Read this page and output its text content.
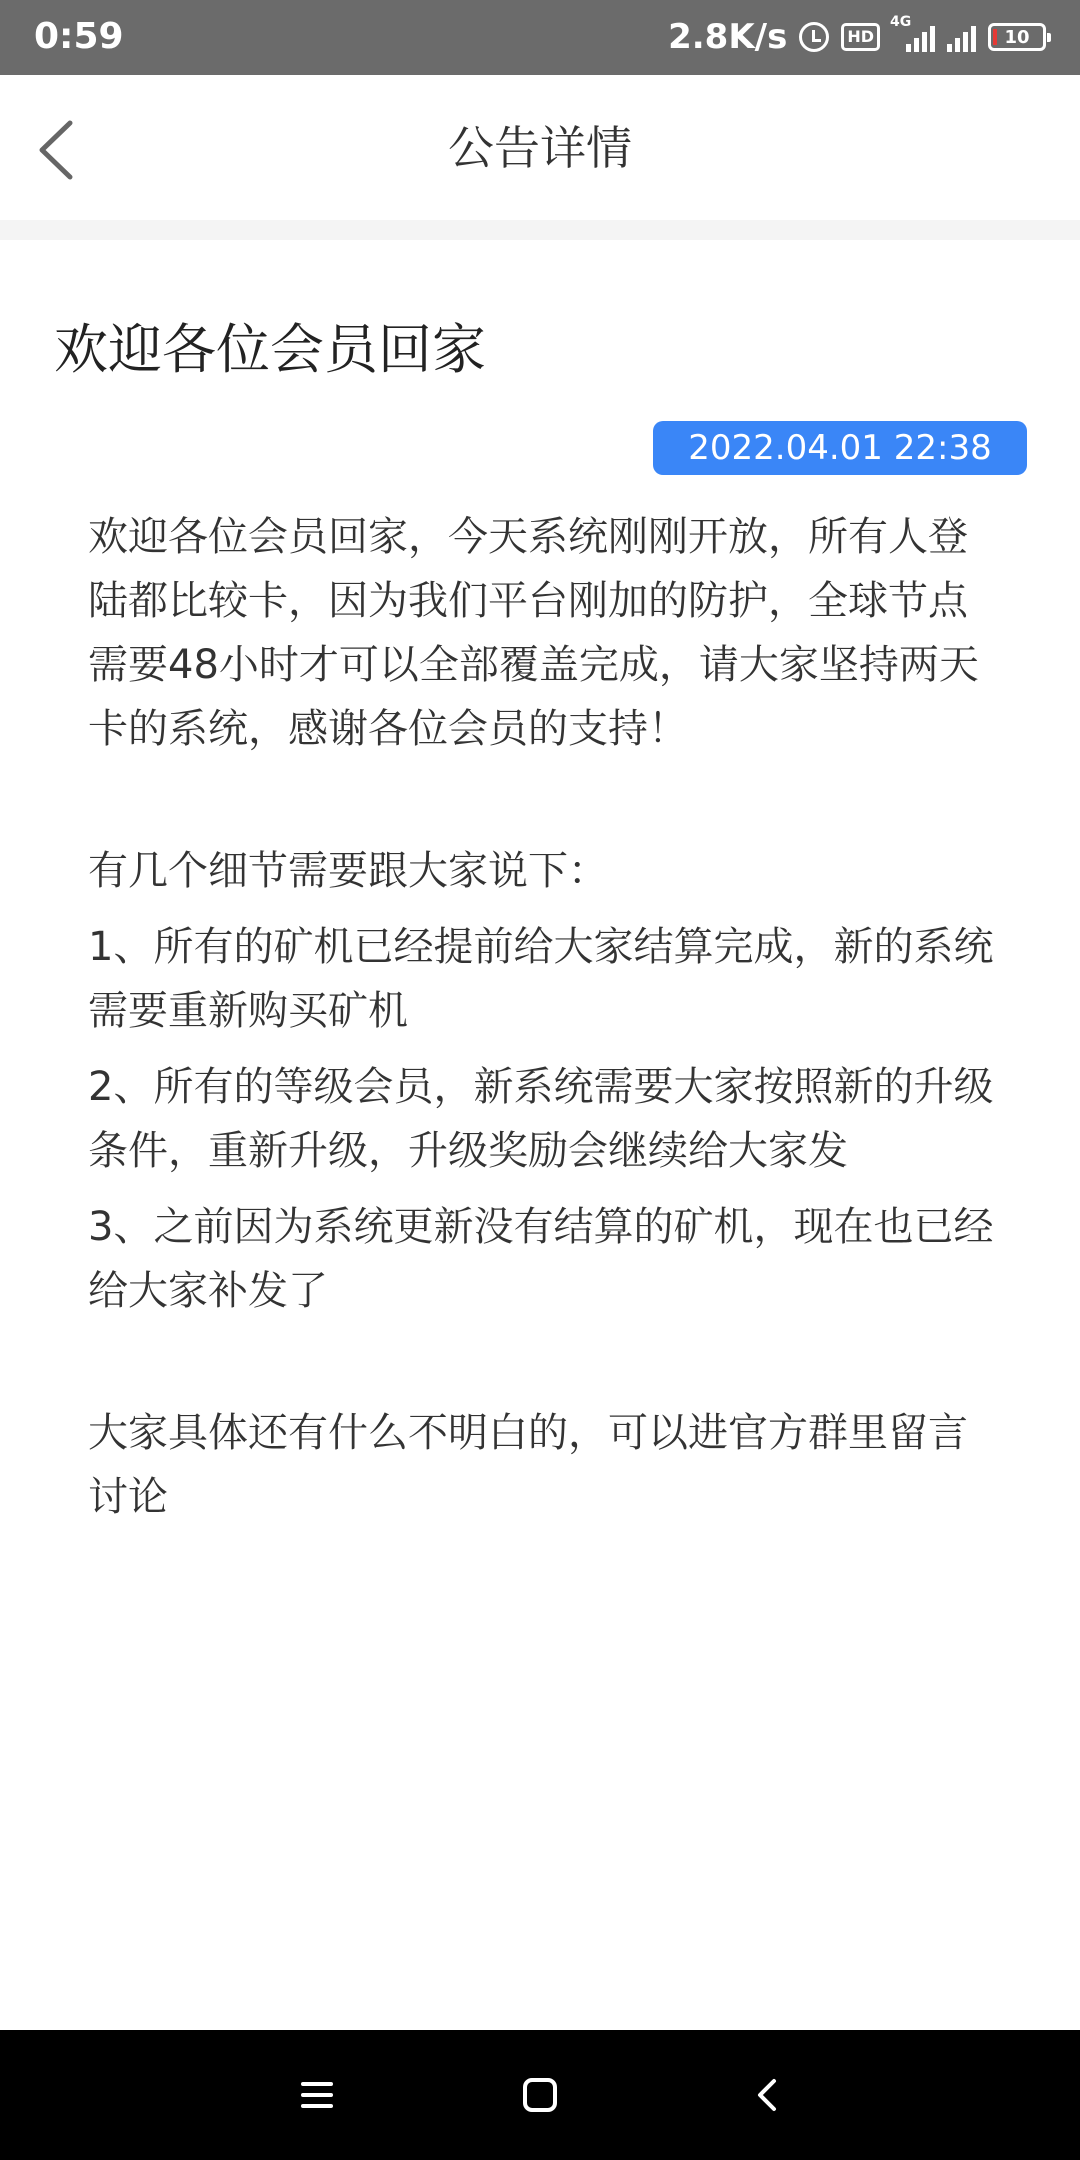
0:59	2.8K/s	HD
4G
10
公告详情
欢迎各位会员回家
2022.04.01 22:38

欢迎各位会员回家，今天系统刚刚开放，所有人登陆都比较卡，因为我们平台刚加的防护，全球节点需要48小时才可以全部覆盖完成，请大家坚持两天卡的系统，感谢各位会员的支持！

有几个细节需要跟大家说下：

1、所有的矿机已经提前给大家结算完成，新的系统需要重新购买矿机

2、所有的等级会员，新系统需要大家按照新的升级条件，重新升级，升级奖励会继续给大家发

3、之前因为系统更新没有结算的矿机，现在也已经给大家补发了

大家具体还有什么不明白的，可以进官方群里留言讨论
